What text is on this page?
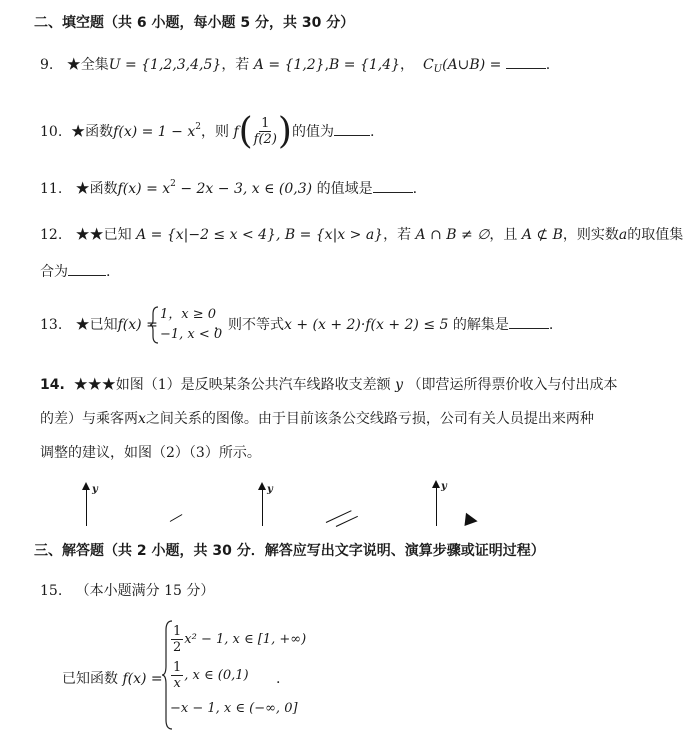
二、填空题（共 6 小题，每小题 5 分，共 30 分）
9. ★全集U = {1,2,3,4,5}，若 A = {1,2},B = {1,4}， $C_U(A\cup B)$ =	.
10. ★函数$f(x) = 1 - x^2$，则 $f( \frac{1}{f(2)}$ )的值为	.
11. ★函数$f(x) = x^2 - 2x - 3$, x ∈ (0,3) 的值域是	.
12. ★★已知 A = {x|−2 ≤ x < 4}, B = {x|x > a}，若 A ∩ B ≠ ∅，且 A ⊄ B，则实数a的取值集
合为	.
13. ★已知f(x) =
1，x ≥ 0
−1, x < 0
，则不等式x + (x + 2)·f(x + 2) ≤ 5 的解集是	.
14. ★★★如图（1）是反映某条公共汽车线路收支差额 y （即营运所得票价收入与付出成本
的差）与乘客两x之间关系的图像。由于目前该条公交线路亏损，公司有关人员提出来两种
调整的建议，如图（2）（3）所示。
y	y	y
三、解答题（共 2 小题，共 30 分．解答应写出文字说明、演算步骤或证明过程）
15. （本小题满分 15 分）
已知函数 f(x) =
$\frac{1}{2} x^2 - 1$, x ∈ [1, +∞)
$\frac{1}{x}$ , x ∈ (0,1)
−x − 1, x ∈ (−∞, 0]
.
